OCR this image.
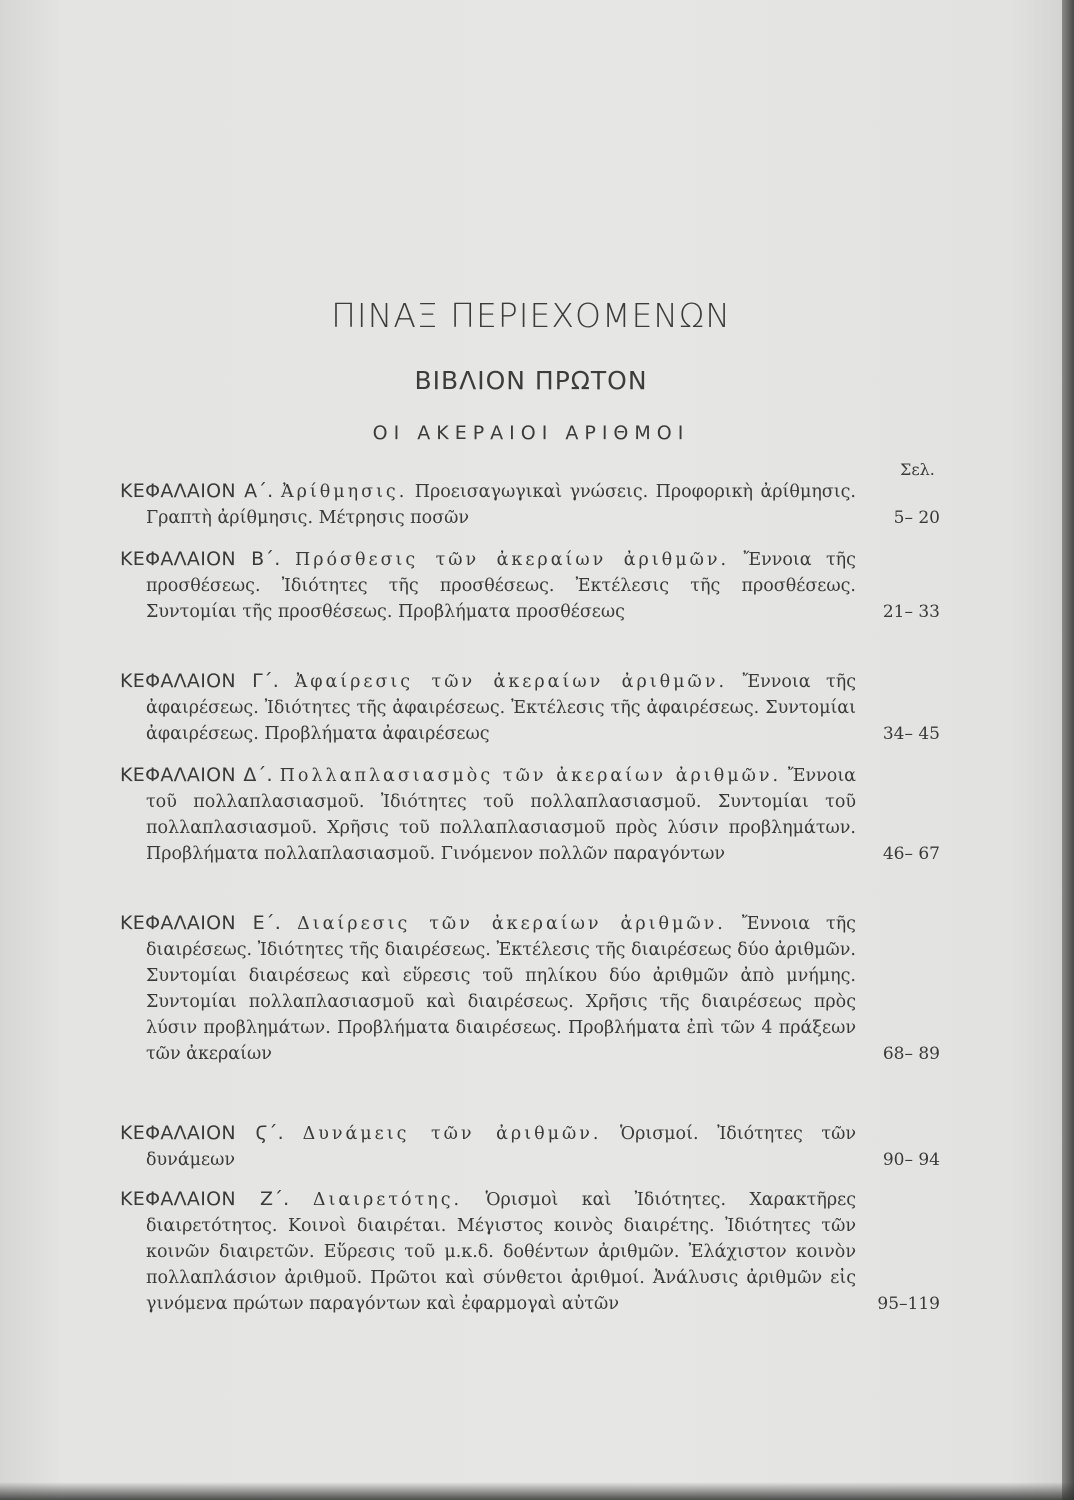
ΠΙΝΑΞ ΠΕΡΙΕΧΟΜΕΝΩΝ
ΒΙΒΛΙΟΝ ΠΡΩΤΟΝ
ΟΙ ΑΚΕΡΑΙΟΙ ΑΡΙΘΜΟΙ
Σελ.
ΚΕΦΑΛΑΙΟΝ Α΄. Ἀρίθμησις. Προεισαγωγικαὶ γνώσεις. Προφορικὴ ἀρίθμησις. Γραπτὴ ἀρίθμησις. Μέτρησις ποσῶν	5– 20
ΚΕΦΑΛΑΙΟΝ Β΄. Πρόσθεσις τῶν ἀκεραίων ἀριθμῶν. Ἔννοια τῆς προσθέσεως. Ἰδιότητες τῆς προσθέσεως. Ἐκτέλεσις τῆς προσθέσεως. Συντομίαι τῆς προσθέσεως. Προβλήματα προσθέσεως	21– 33
ΚΕΦΑΛΑΙΟΝ Γ΄. Ἀφαίρεσις τῶν ἀκεραίων ἀριθμῶν. Ἔννοια τῆς ἀφαιρέσεως. Ἰδιότητες τῆς ἀφαιρέσεως. Ἐκτέλεσις τῆς ἀφαιρέσεως. Συντομίαι ἀφαιρέσεως. Προβλήματα ἀφαιρέσεως	34– 45
ΚΕΦΑΛΑΙΟΝ Δ΄. Πολλαπλασιασμὸς τῶν ἀκεραίων ἀριθμῶν. Ἔννοια τοῦ πολλαπλασιασμοῦ. Ἰδιότητες τοῦ πολλαπλασιασμοῦ. Συντομίαι τοῦ πολλαπλασιασμοῦ. Χρῆσις τοῦ πολλαπλασιασμοῦ πρὸς λύσιν προβλημάτων. Προβλήματα πολλαπλασιασμοῦ. Γινόμενον πολλῶν παραγόντων	46– 67
ΚΕΦΑΛΑΙΟΝ Ε΄. Διαίρεσις τῶν ἀκεραίων ἀριθμῶν. Ἔννοια τῆς διαιρέσεως. Ἰδιότητες τῆς διαιρέσεως. Ἐκτέλεσις τῆς διαιρέσεως δύο ἀριθμῶν. Συντομίαι διαιρέσεως καὶ εὕρεσις τοῦ πηλίκου δύο ἀριθμῶν ἀπὸ μνήμης. Συντομίαι πολλαπλασιασμοῦ καὶ διαιρέσεως. Χρῆσις τῆς διαιρέσεως πρὸς λύσιν προβλημάτων. Προβλήματα διαιρέσεως. Προβλήματα ἐπὶ τῶν 4 πράξεων τῶν ἀκεραίων	68– 89
ΚΕΦΑΛΑΙΟΝ Ϛ΄. Δυνάμεις τῶν ἀριθμῶν. Ὁρισμοί. Ἰδιότητες τῶν δυνάμεων	90– 94
ΚΕΦΑΛΑΙΟΝ Ζ΄. Διαιρετότης. Ὁρισμοὶ καὶ Ἰδιότητες. Χαρακτῆρες διαιρετότητος. Κοινοὶ διαιρέται. Μέγιστος κοινὸς διαιρέτης. Ἰδιότητες τῶν κοινῶν διαιρετῶν. Εὕρεσις τοῦ μ.κ.δ. δοθέντων ἀριθμῶν. Ἐλάχιστον κοινὸν πολλαπλάσιον ἀριθμοῦ. Πρῶτοι καὶ σύνθετοι ἀριθμοί. Ἀνάλυσις ἀριθμῶν εἰς γινόμενα πρώτων παραγόντων καὶ ἐφαρμογαὶ αὐτῶν	95–119
